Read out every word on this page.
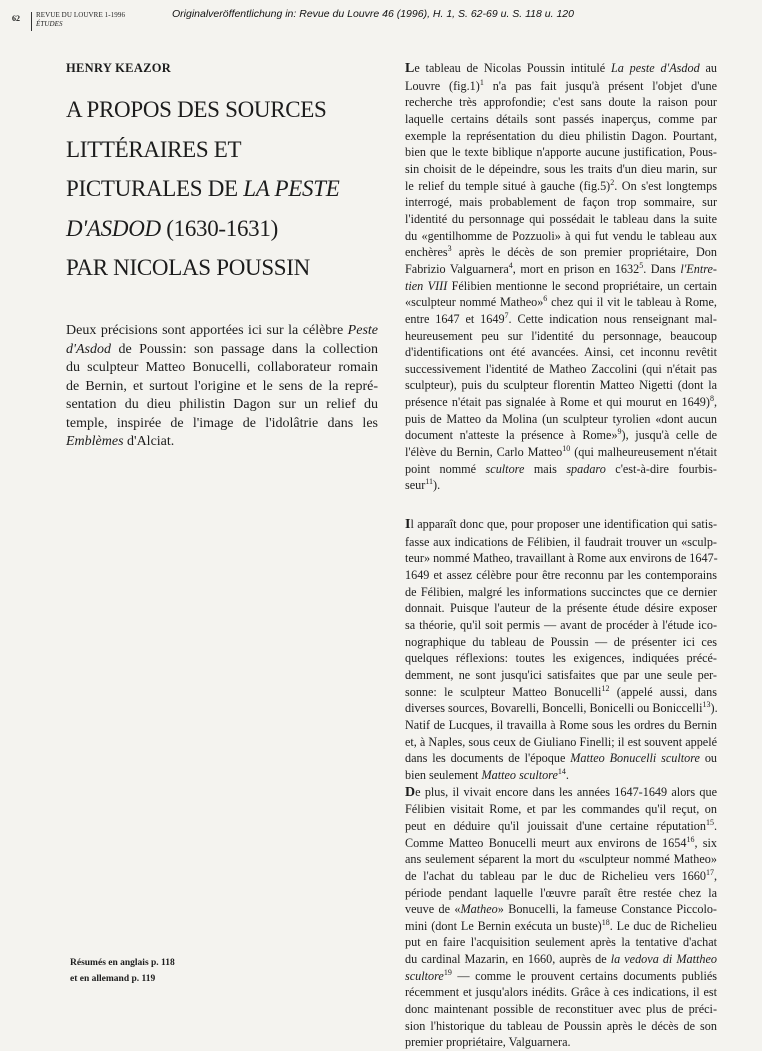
62 REVUE DU LOUVRE 1-1996
ÉTUDES
Originalveröffentlichung in: Revue du Louvre 46 (1996), H. 1, S. 62-69 u. S. 118 u. 120
HENRY KEAZOR
A PROPOS DES SOURCES
LITTÉRAIRES ET
PICTURALES DE LA PESTE
D'ASDOD (1630-1631)
PAR NICOLAS POUSSIN
Deux précisions sont apportées ici sur la célèbre Peste
d'Asdod de Poussin: son passage dans la collection
du sculpteur Matteo Bonucelli, collaborateur romain
de Bernin, et surtout l'origine et le sens de la repré-
sentation du dieu philistin Dagon sur un relief du
temple, inspirée de l'image de l'idolâtrie dans les
Emblèmes d'Alciat.
Résumés en anglais p. 118
et en allemand p. 119
Le tableau de Nicolas Poussin intitulé La peste d'Asdod au
Louvre $(fig.1)^1$ n'a pas fait jusqu'à présent l'objet d'une
recherche très approfondie; c'est sans doute la raison pour
laquelle certains détails sont passés inaperçus, comme par
exemple la représentation du dieu philistin Dagon. Pourtant,
bien que le texte biblique n'apporte aucune justification, Pous-
sin choisit de le dépeindre, sous les traits d'un dieu marin, sur
le relief du temple situé à gauche $(fig.5)^2$. On s'est longtemps
interrogé, mais probablement de façon trop sommaire, sur
l'identité du personnage qui possédait le tableau dans la suite
du «gentilhomme de Pozzuoli» à qui fut vendu le tableau aux
enchères$^3$ après le décès de son premier propriétaire, Don
Fabrizio Valguarnera$^4$, mort en prison en 1632$^5$. Dans l'Entre-
tien VIII Félibien mentionne le second propriétaire, un certain
«sculpteur nommé Matheo»$^6$ chez qui il vit le tableau à Rome,
entre 1647 et 1649$^7$. Cette indication nous renseignant mal-
heureusement peu sur l'identité du personnage, beaucoup
d'identifications ont été avancées. Ainsi, cet inconnu revêtit
successivement l'identité de Matheo Zaccolini (qui n'était pas
sculpteur), puis du sculpteur florentin Matteo Nigetti (dont la
présence n'était pas signalée à Rome et qui mourut en 1649)$^8$,
puis de Matteo da Molina (un sculpteur tyrolien «dont aucun
document n'atteste la présence à Rome»$^9$), jusqu'à celle de
l'élève du Bernin, Carlo Matteo$^{10}$ (qui malheureusement n'était
point nommé scultore mais spadaro c'est-à-dire fourbis-
seur$^{11}$).
Il apparaît donc que, pour proposer une identification qui satis-
fasse aux indications de Félibien, il faudrait trouver un «sculp-
teur» nommé Matheo, travaillant à Rome aux environs de 1647-
1649 et assez célèbre pour être reconnu par les contemporains
de Félibien, malgré les informations succinctes que ce dernier
donnait. Puisque l'auteur de la présente étude désire exposer
sa théorie, qu'il soit permis — avant de procéder à l'étude ico-
nographique du tableau de Poussin — de présenter ici ces
quelques réflexions: toutes les exigences, indiquées précé-
demment, ne sont jusqu'ici satisfaites que par une seule per-
sonne: le sculpteur Matteo Bonucelli$^{12}$ (appelé aussi, dans
diverses sources, Bovarelli, Boncelli, Bonicelli ou Boniccelli$^{13}$).
Natif de Lucques, il travailla à Rome sous les ordres du Bernin
et, à Naples, sous ceux de Giuliano Finelli; il est souvent appelé
dans les documents de l'époque Matteo Bonucelli scultore ou
bien seulement Matteo scultore$^{14}$.
De plus, il vivait encore dans les années 1647-1649 alors que
Félibien visitait Rome, et par les commandes qu'il reçut, on
peut en déduire qu'il jouissait d'une certaine réputation$^{15}$.
Comme Matteo Bonucelli meurt aux environs de 1654$^{16}$, six
ans seulement séparent la mort du «sculpteur nommé Matheo»
de l'achat du tableau par le duc de Richelieu vers 1660$^{17}$,
période pendant laquelle l'œuvre paraît être restée chez la
veuve de «Matheo» Bonucelli, la fameuse Constance Piccolo-
mini (dont Le Bernin exécuta un buste)$^{18}$. Le duc de Richelieu
put en faire l'acquisition seulement après la tentative d'achat
du cardinal Mazarin, en 1660, auprès de la vedova di Mattheo
scultore$^{19}$ — comme le prouvent certains documents publiés
récemment et jusqu'alors inédits. Grâce à ces indications, il est
donc maintenant possible de reconstituer avec plus de préci-
sion l'historique du tableau de Poussin après le décès de son
premier propriétaire, Valguarnera.
